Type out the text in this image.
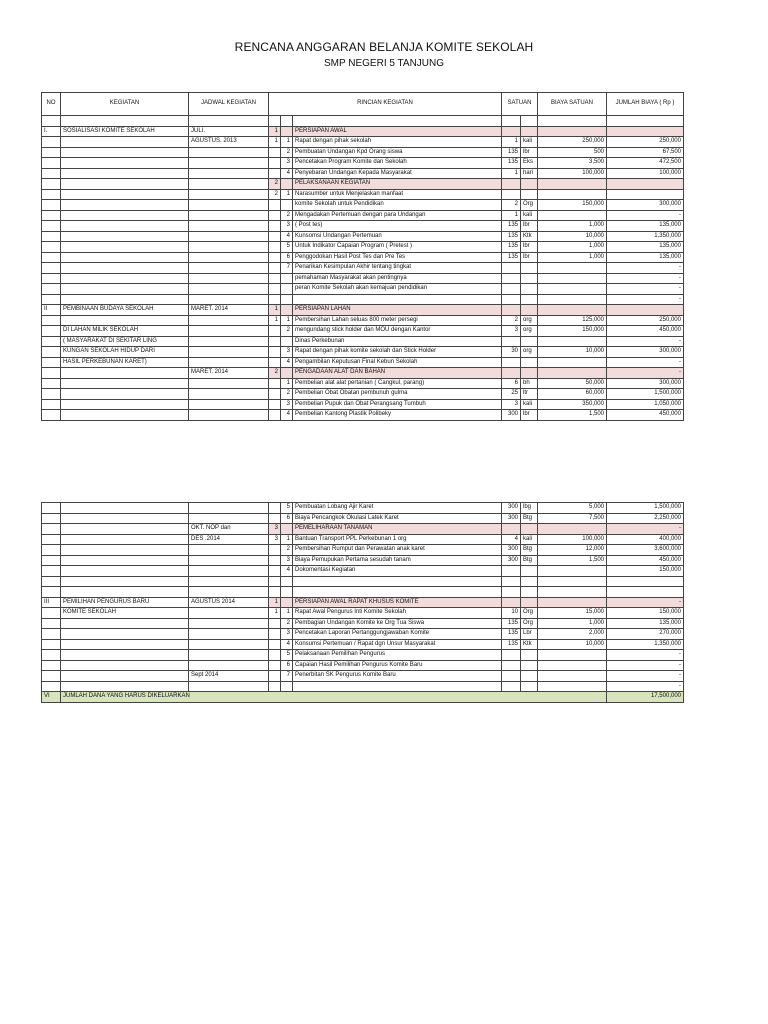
RENCANA ANGGARAN BELANJA KOMITE SEKOLAH
SMP NEGERI 5 TANJUNG
NO	KEGIATAN	JADWAL KEGIATAN	RINCIAN KEGIATAN			SATUAN		BIAYA SATUAN	JUMLAH BIAYA ( Rp )

I.	SOSIALISASI KOMITE SEKOLAH	JULI.	1		PERSIAPAN AWAL				
		AGUSTUS. 2013	1	1	Rapat dengan pihak sekolah	1	kali	250,000	250,000
				2	Pembuatan Undangan Kpd Orang siswa	135	lbr	500	67,500
				3	Pencetakan Program Komite dan Sekolah	135	Eks	3,500	472,500
				4	Penyebaran Undangan Kepada Masyarakat	1	hari	100,000	100,000
			2		PELAKSANAAN KEGIATAN				
			2	1	Narasumber untuk Menjelaskan manfaat				
					komite Sekolah untuk Pendidikan	2	Org	150,000	300,000
				2	Mengadakan Pertemuan dengan para Undangan	1	kali		-
				3	( Post tes)	135	lbr	1,000	135,000
				4	Kunsomsi Undangan Pertemuan	135	Ktk	10,000	1,350,000
				5	Untuk Indikator Capaian Program ( Pretest )	135	lbr	1,000	135,000
				6	Penggodokan Hasil Post Tes dan Pre Tes	135	lbr	1,000	135,000
				7	Penarikan Kesimpulan Akhir tentang tingkat				-
					pemahaman Masyarakat akan pentingnya				-
					peran Komite Sekolah akan kemajuan pendidikan				-
									-
II	PEMBINAAN BUDAYA SEKOLAH	MARET. 2014	1		PERSIAPAN LAHAN				
			1	1	Pembersihan Lahan seluas 800 meter persegi	2	org	125,000	250,000
	DI LAHAN MILIK SEKOLAH			2	mengundang stick holder dan MOU dengan Kantor	3	org	150,000	450,000
	( MASYARAKAT DI SEKITAR LING				Dinas Perkebunan				-
	KUNGAN SEKOLAH HIDUP DARI			3	Rapat dengan pihak komite sekolah dan Stick Holder	30	org	10,000	300,000
	HASIL PERKEBUNAN KARET)			4	Pengambilan Keputusan Final Kebun Sekolah				-
		MARET. 2014	2		PENGADAAN ALAT DAN BAHAN				-
				1	Pembelian alat alat pertanian ( Cangkul, parang)	6	bh	50,000	300,000
				2	Pembelian Obat Obatan pembunuh gulma	25	ltr	60,000	1,500,000
				3	Pembelian Pupuk dan Obat Perangsang Tumbuh	3	kali	350,000	1,050,000
				4	Pembelian Kantong Plastik Polibeky	300	lbr	1,500	450,000
				5	Pembuatan Lobang Ajir Karet	300	lbg	5,000	1,500,000
				6	Biaya Pencangkok Okulasi Latek Karet	300	Btg	7,500	2,250,000
		OKT. NOP dan	3		PEMELIHARAAN TANAMAN				-
		DES .2014	3	1	Bantuan Transport PPL Perkebunan 1 org	4	kali	100,000	400,000
				2	Pembersihan Rumput dan Perawatan anak karet	300	Btg	12,000	3,600,000
				3	Biaya Pemupukan Pertama sesudah tanam	300	Btg	1,500	450,000
				4	Dokomentasi Kegiatan				150,000

III	PEMILIHAN PENGURUS BARU	AGUSTUS 2014	1		PERSIAPAN AWAL RAPAT KHUSUS KOMITE				-
	KOMITE SEKOLAH		1	1	Rapat Awal Pengurus Inti Komite Sekolah	10	Org	15,000	150,000
				2	Pembagian Undangan Komite ke Org Tua Siswa	135	Org	1,000	135,000
				3	Pencetakan Laporan Pertanggungjawaban Komite	135	Lbr	2,000	270,000
				4	Konsumsi Pertemuan / Rapat dgn Unsur Masyarakat	135	Ktk	10,000	1,350,000
				5	Pelaksanaan Pemilihan Pengurus				-
				6	Capaian Hasil Pemilihan Pengurus Komite Baru				-
		Sept 2014		7	Penerbitan SK Pengurus Komite Baru				-
									-
VI	JUMLAH DANA YANG HARUS DIKELUARKAN								17,500,000
